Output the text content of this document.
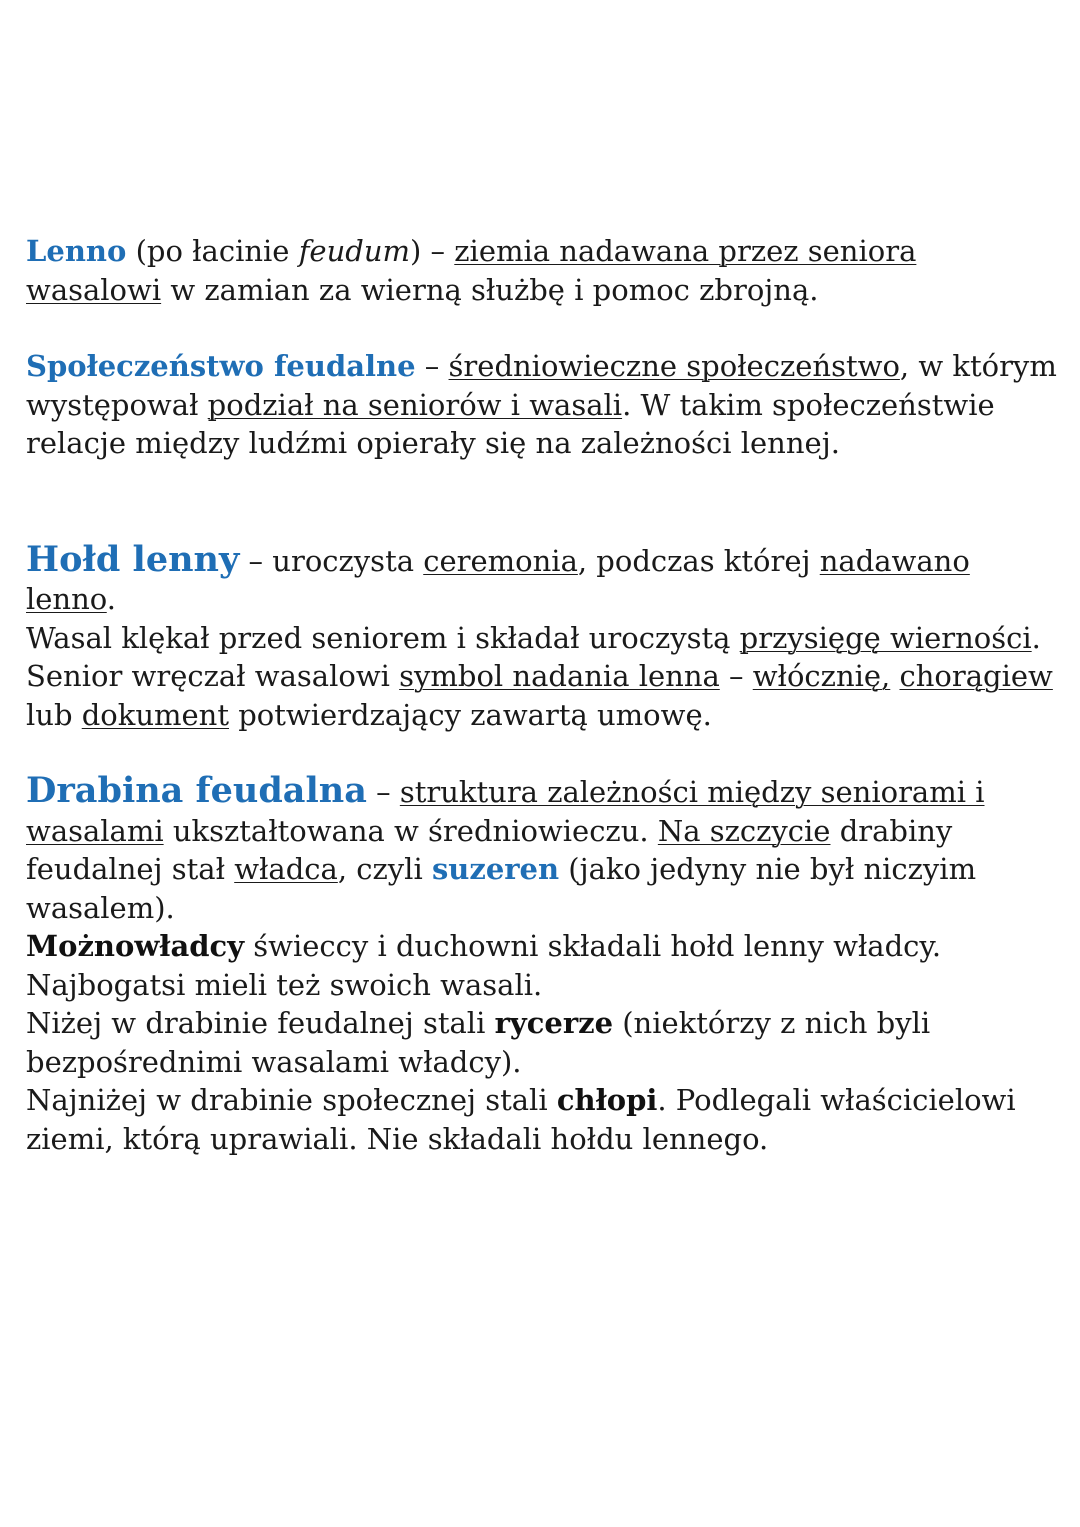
Lenno (po łacinie feudum) – ziemia nadawana przez seniora
wasalowi w zamian za wierną służbę i pomoc zbrojną.

Społeczeństwo feudalne – średniowieczne społeczeństwo, w którym występował podział na seniorów i wasali. W takim społeczeństwie relacje między ludźmi opierały się na zależności lennej.

Hołd lenny – uroczysta ceremonia, podczas której nadawano lenno.
Wasal klękał przed seniorem i składał uroczystą przysięgę wierności.
Senior wręczał wasalowi symbol nadania lenna – włócznię, chorągiew lub dokument potwierdzający zawartą umowę.

Drabina feudalna – struktura zależności między seniorami i wasalami ukształtowana w średniowieczu. Na szczycie drabiny feudalnej stał władca, czyli suzeren (jako jedyny nie był niczyim wasalem).
Możnowładcy świeccy i duchowni składali hołd lenny władcy. Najbogatsi mieli też swoich wasali.
Niżej w drabinie feudalnej stali rycerze (niektórzy z nich byli bezpośrednimi wasalami władcy).
Najniżej w drabinie społecznej stali chłopi. Podlegali właścicielowi ziemi, którą uprawiali. Nie składali hołdu lennego.
